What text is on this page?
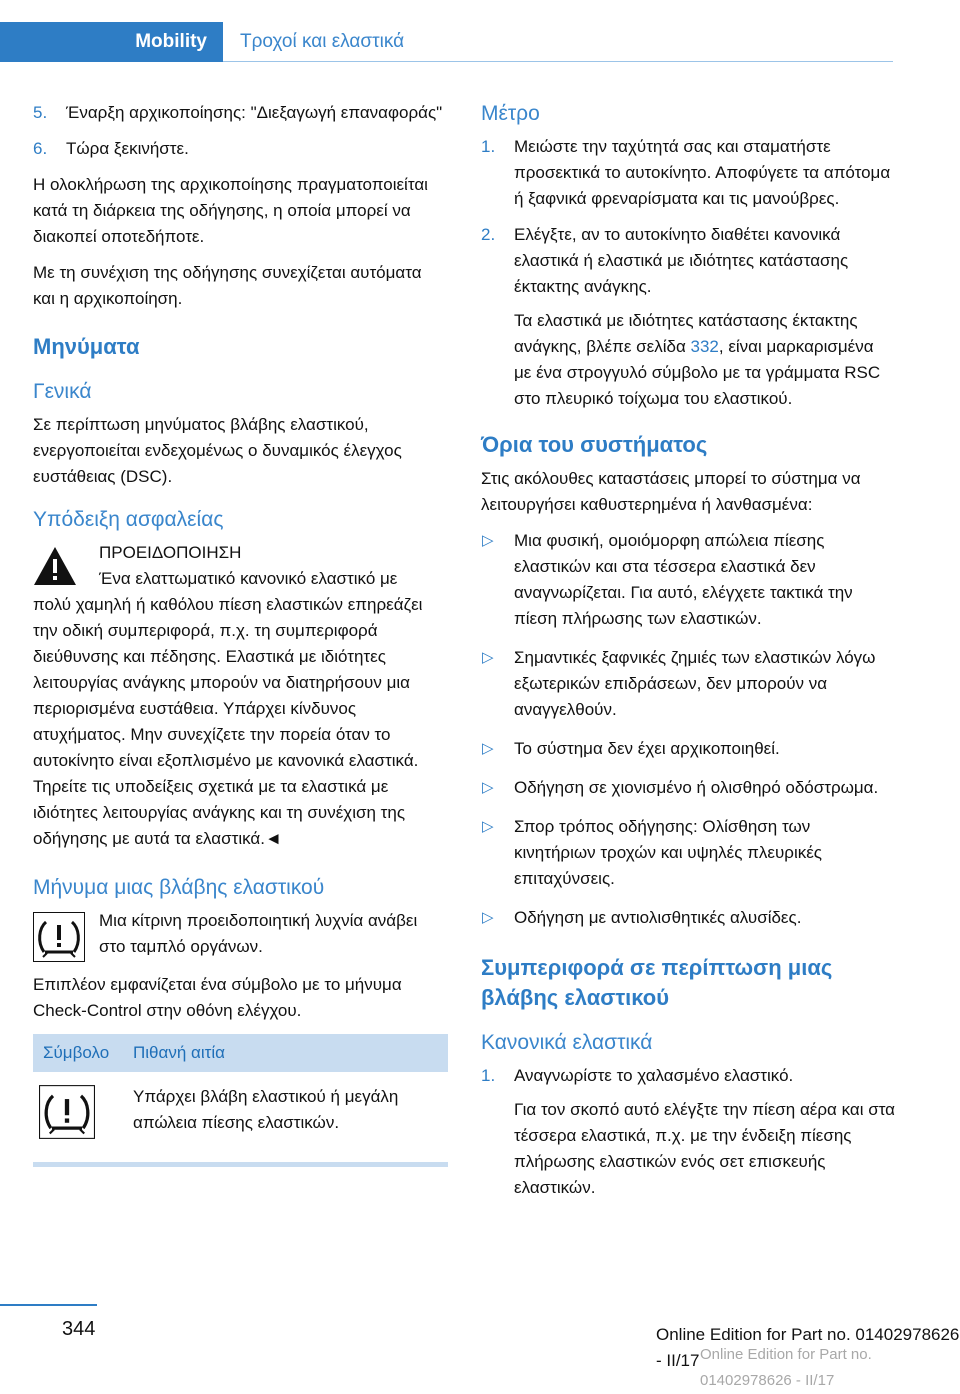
Mobility	Τροχοί και ελαστικά
5. Έναρξη αρχικοποίησης: "Διεξαγωγή επαναφοράς"
6. Τώρα ξεκινήστε.

Η ολοκλήρωση της αρχικοποίησης πραγματοποιείται κατά τη διάρκεια της οδήγησης, η οποία μπορεί να διακοπεί οποτεδήποτε.

Με τη συνέχιση της οδήγησης συνεχίζεται αυτόματα και η αρχικοποίηση.

Μηνύματα
Γενικά

Σε περίπτωση μηνύματος βλάβης ελαστικού, ενεργοποιείται ενδεχομένως ο δυναμικός έλεγχος ευστάθειας (DSC).

Υπόδειξη ασφαλείας
ΠΡΟΕΙΔΟΠΟΙΗΣΗ
Ένα ελαττωματικό κανονικό ελαστικό με

πολύ χαμηλή ή καθόλου πίεση ελαστικών επηρεάζει την οδική συμπεριφορά, π.χ. τη συμπεριφορά διεύθυνσης και πέδησης. Ελαστικά με ιδιότητες λειτουργίας ανάγκης μπορούν να διατηρήσουν μια περιορισμένα ευστάθεια. Υπάρχει κίνδυνος ατυχήματος. Μην συνεχίζετε την πορεία όταν το αυτοκίνητο είναι εξοπλισμένο με κανονικά ελαστικά. Τηρείτε τις υποδείξεις σχετικά με τα ελαστικά με ιδιότητες λειτουργίας ανάγκης και τη συνέχιση της οδήγησης με αυτά τα ελαστικά.◄

Μήνυμα μιας βλάβης ελαστικού
Μια κίτρινη προειδοποιητική λυχνία ανάβει στο ταμπλό οργάνων.

Επιπλέον εμφανίζεται ένα σύμβολο με το μήνυμα Check-Control στην οθόνη ελέγχου.

Σύμβολο	Πιθανή αιτία
	Υπάρχει βλάβη ελαστικού ή μεγάλη απώλεια πίεσης ελαστικών.
Μέτρο
1. Μειώστε την ταχύτητά σας και σταματήστε προσεκτικά το αυτοκίνητο. Αποφύγετε τα απότομα ή ξαφνικά φρεναρίσματα και τις μανούβρες.
2. Ελέγξτε, αν το αυτοκίνητο διαθέτει κανονικά ελαστικά ή ελαστικά με ιδιότητες κατάστασης έκτακτης ανάγκης.
Τα ελαστικά με ιδιότητες κατάστασης έκτακτης ανάγκης, βλέπε σελίδα 332, είναι μαρκαρισμένα με ένα στρογγυλό σύμβολο με τα γράμματα RSC στο πλευρικό τοίχωμα του ελαστικού.
Όρια του συστήματος

Στις ακόλουθες καταστάσεις μπορεί το σύστημα να λειτουργήσει καθυστερημένα ή λανθασμένα:

▷ Μια φυσική, ομοιόμορφη απώλεια πίεσης ελαστικών και στα τέσσερα ελαστικά δεν αναγνωρίζεται. Για αυτό, ελέγχετε τακτικά την πίεση πλήρωσης των ελαστικών.
▷ Σημαντικές ξαφνικές ζημιές των ελαστικών λόγω εξωτερικών επιδράσεων, δεν μπορούν να αναγγελθούν.
▷ Το σύστημα δεν έχει αρχικοποιηθεί.
▷ Οδήγηση σε χιονισμένο ή ολισθηρό οδόστρωμα.
▷ Σπορ τρόπος οδήγησης: Ολίσθηση των κινητήριων τροχών και υψηλές πλευρικές επιταχύνσεις.
▷ Οδήγηση με αντιολισθητικές αλυσίδες.
Συμπεριφορά σε περίπτωση μιας βλάβης ελαστικού
Κανονικά ελαστικά
1. Αναγνωρίστε το χαλασμένο ελαστικό.
Για τον σκοπό αυτό ελέγξτε την πίεση αέρα και στα τέσσερα ελαστικά, π.χ. με την ένδειξη πίεσης πλήρωσης ελαστικών ενός σετ επισκευής ελαστικών.
344	Online Edition for Part no. 01402978626 - II/17 Online Edition for Part no. 01402978626 - II/17
